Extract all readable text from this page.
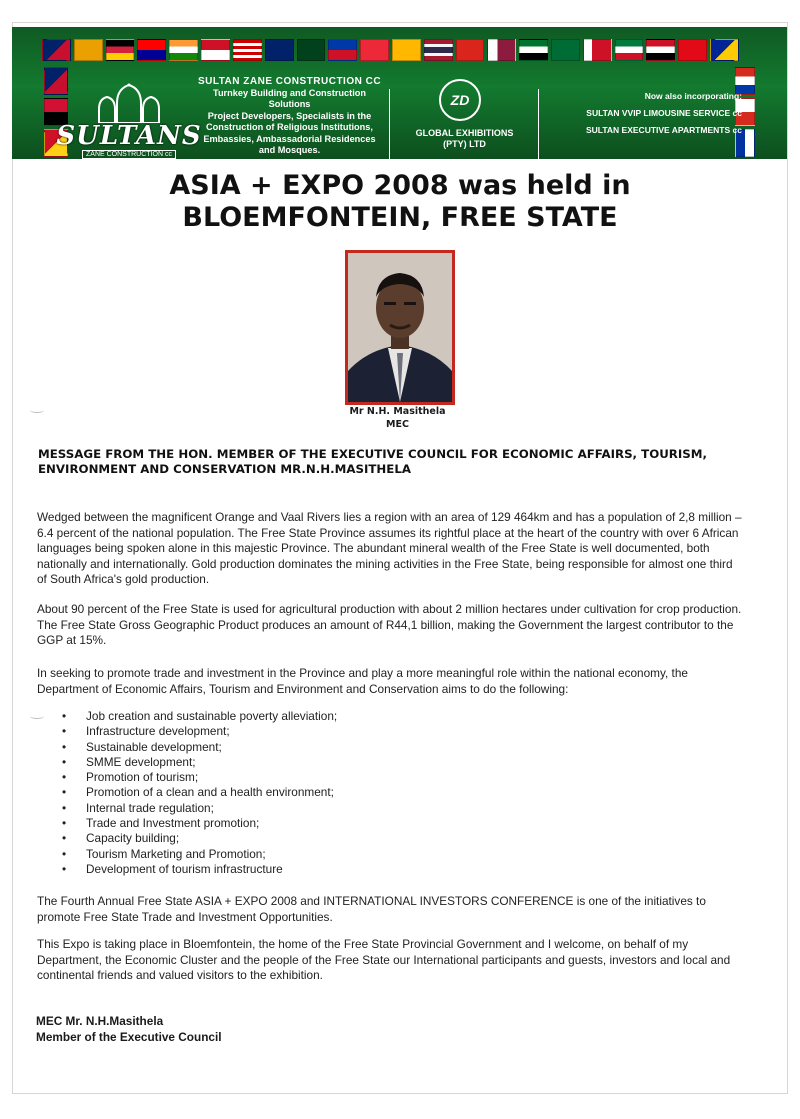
SULTANS
ZANE CONSTRUCTION cc
SULTAN ZANE CONSTRUCTION CC
Turnkey Building and Construction Solutions
Project Developers, Specialists in the
Construction of Religious Institutions,
Embassies, Ambassadorial Residences
and Mosques.
ZD
GLOBAL EXHIBITIONS
(PTY) LTD
Now also incorporating:
SULTAN VVIP LIMOUSINE SERVICE cc
SULTAN EXECUTIVE APARTMENTS cc
ASIA + EXPO 2008 was held in BLOEMFONTEIN, FREE STATE
Mr N.H. Masithela
MEC
MESSAGE FROM THE HON. MEMBER OF THE EXECUTIVE COUNCIL FOR ECONOMIC AFFAIRS, TOURISM, ENVIRONMENT AND CONSERVATION MR.N.H.MASITHELA
Wedged between the magnificent Orange and Vaal Rivers lies a region with an area of 129 464km and has a population of 2,8 million – 6.4 percent of the national population. The Free State Province assumes its rightful place at the heart of the country with over 6 African languages being spoken alone in this majestic Province. The abundant mineral wealth of the Free State is well documented, both nationally and internationally. Gold production dominates the mining activities in the Free State, being responsible for almost one third of South Africa's gold production.
About 90 percent of the Free State is used for agricultural production with about 2 million hectares under cultivation for crop production. The Free State Gross Geographic Product produces an amount of R44,1 billion, making the Government the largest contributor to the GGP at 15%.
In seeking to promote trade and investment in the Province and play a more meaningful role within the national economy, the Department of Economic Affairs, Tourism and Environment and Conservation aims to do the following:
• Job creation and sustainable poverty alleviation;
• Infrastructure development;
• Sustainable development;
• SMME development;
• Promotion of tourism;
• Promotion of a clean and a health environment;
• Internal trade regulation;
• Trade and Investment promotion;
• Capacity building;
• Tourism Marketing and Promotion;
• Development of tourism infrastructure
The Fourth Annual Free State ASIA + EXPO 2008 and INTERNATIONAL INVESTORS CONFERENCE is one of the initiatives to promote Free State Trade and Investment Opportunities.
This Expo is taking place in Bloemfontein, the home of the Free State Provincial Government and I welcome, on behalf of my Department, the Economic Cluster and the people of the Free State our International participants and guests, investors and local and continental friends and valued visitors to the exhibition.
MEC Mr. N.H.Masithela
Member of the Executive Council
